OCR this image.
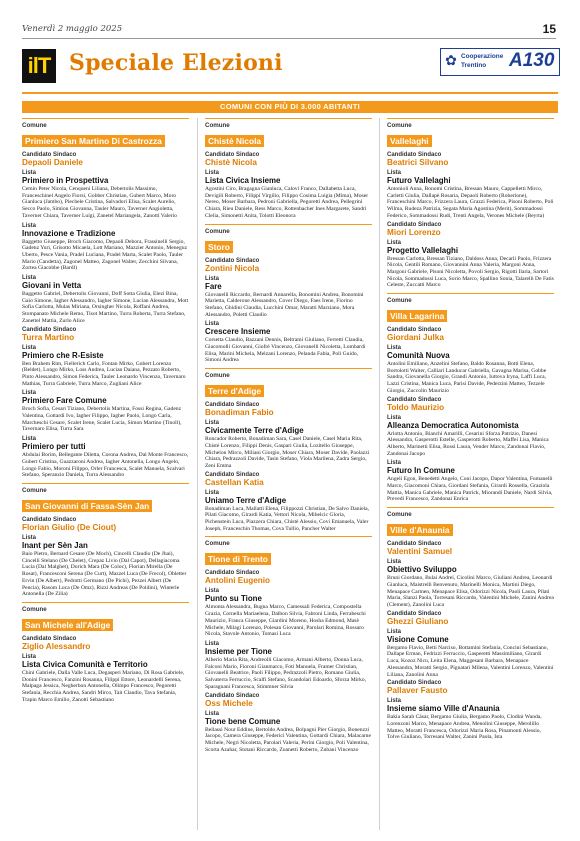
Venerdì 2 maggio 2025	15
ilT Speciale Elezioni	✿ Cooperazione
Trentino A130
COMUNI CON PIÙ DI 3.000 ABITANTI
Comune
Primiero San Martino Di Castrozza
Candidato Sindaco
Depaoli Daniele
Lista
Primiero in Prospettiva
Cemin Peter Nicola, Cenqueni Liliana, Debertolis Massimo, Franceschinel Angelo Fiorsi, Gobber Christian, Gubert Marco, Moro Gianluca (Jambo), Piechele Cristina, Salvadori Elisa, Scalet Aurelio, Secco Paolo, Simion Giovanna, Tauler Mauro, Taverner Angioletta, Taverner Chiara, Taverner Luigi, Zanetel Mariangela, Zanotti Valerio
Lista
Innovazione e Tradizione
Baggetto Giuseppe, Broch Giacomo, Depaoli Debora, Frassinelli Sergio, Gadenz Yuri, Grisotto Micaela, Lott Mariano, Mazzier Antonio, Meneguz Uberto, Pesce Vania, Pradel Luciana, Pradel Marta, Scalet Paolo, Tauler Mario (Candetta), Zagonel Matteo, Zagonel Walter, Zecchini Silvana, Zortea Giacobbe (Bardl)
Lista
Giovani in Vetta
Baggetto Gabriel, Debertolis Giovanni, Doff Sotta Giulia, Elezi Bina, Gaio Simone, Iagher Alessandro, Iagher Simone, Lucian Alessandra, Mott Sofia Carlotta, Mulas Miriana, Orsingher Nicola, Roffani Andrea, Stompanato Michele Remo, Tisot Martino, Turra Roberta, Turra Stefano, Zanettel Mattia, Zurlo Alice
Candidato Sindaco
Turra Martino
Lista
Primiero che R-Esiste
Ben Brahem Rim, Fiellerich Carlo, Fontan Mirko, Gubert Lorenzo (Beldet), Longo Mirko, Loss Andrea, Lucian Daiana, Pezzato Roberto, Pinto Alessandro, Simon Federica, Tauler Leonardo Vincenzo, Tavernaro Mathias, Turra Gabriele, Turra Marco, Zugliani Alice
Lista
Primiero Fare Comune
Broch Sofia, Cesari Tiziano, Debertolis Martina, Fossi Regina, Gadenz Valentina, Gottardi Ivo, Iagher Filippo, Iagher Paolo, Longo Carla, Marcheschi Cesare, Scalet Irene, Scalet Lucia, Simon Martino (Tinoll), Tavernaro Elisa, Turra Sara
Lista
Primiero per tutti
Abdulai Borim, Bellegante Diletta, Corona Andrea, Dal Monte Francesco, Gubert Cristina, Guazzaroni Andrea, Iagher Antonella, Longo Angelo, Longo Fabio, Moroni Filippo, Orler Francesca, Scalet Manuela, Scalvari Stefano, Speranzio Daniela, Turra Alessandro
Comune
San Giovanni di Fassa-Sèn Jan
Candidato Sindaco
Florian Giulio (De Ciout)
Lista
Inant per Sèn Jan
Baio Pietro, Bernard Cesare (De Moch), Cincelli Claudio (De Jhai), Cincelli Stelano (De Chelet), Crepaz Livio (Dal Capot), Dellagiacoma Lucia (Dal Malghet), Dorich Mara (De Coloc), Florian Mirella (De Rosat), Francesconi Serena (De Curt), Mazzel Luca (De Frecol), Obletter Ervin (De Albert), Pedrotti Germano (De Pichi), Pezzei Albert (De Pencia), Rasom Luca (De Omz), Rizzi Andreas (De Poldini), Winterle Antonella (De Zilia)
Comune
San Michele all'Adige
Candidato Sindaco
Ziglio Alessandro
Lista
Lista Civica Comunità e Territorio
Chini Gabriele, Dalla Valle Luca, Degasperi Mariano, Di Rosa Gabriele, Donini Francesco, Fanzini Rosanna, Filippi Ettore, Leonardelli Serena, Malpaga Jessica, Negherbon Antonella, Olimpo Francesco, Pegoretti Stefania, Recchia Andrea, Sandri Mirco, Tait Claudio, Tava Stefania, Trapin Marco Emilio, Zanotti Sebastiano
Comune
Chistè Nicola
Candidato Sindaco
Chistè Nicola
Lista
Lista Civica Insieme
Agostini Ciro, Bragagna Gianluca, Calovi Franco, Dallabetta Luca, Devigili Roberto, Filippi Virgilio, Filippo Cosima Luigia (Mima), Moser Nereo, Moser Barbara, Pedroni Gabriella, Pegoretti Andrea, Pellegrini Chiara, Rieu Daniele, Ress Marco, Rottenbacher Ines Margarete, Sandri Clelia, Simonetti Anita, Tolotti Eleonora
Comune
Storo
Candidato Sindaco
Zontini Nicola
Lista
Fare
Giovanelli Riccardo, Bernardi Annarella, Bonomini Andrea, Bonomini Marietta, Calderone Alessandro, Cover Diego, Faes Irene, Fiorino Stefano, Ghidini Claudia, Lucchini Omar, Maratti Marziano, Mora Alessandro, Poletti Claudio
Lista
Crescere Insieme
Corsetta Claudio, Bazzani Dennis, Beltrami Giuliano, Ferretti Claudia, Giacomolli Giovanni, Giofrè Vincenzo, Giovanelli Nicoletta, Lombardi Elisa, Marini Michela, Melzani Lorenzo, Pelanda Fabia, Poli Guido, Simoni Andrea
Comune
Terre d'Adige
Candidato Sindaco
Bonadiman Fabio
Lista
Civicamente Terre d'Adige
Roncador Roberto, Bonadiman Sara, Casel Daniele, Casel Maria Rita, Chistè Lorenzo, Filippi Denis, Gaspari Giulia, Lozitello Giuseppe, Michelon Mirco, Miliani Giorgio, Moser Chiara, Moser Davide, Paolazzi Chiara, Pedrazzoli Davide, Tasin Stefano, Viola Marilena, Zadra Sergio, Zeni Emma
Candidato Sindaco
Castellan Katia
Lista
Uniamo Terre d'Adige
Bonadiman Luca, Mallatti Elena, Filippozzi Christian, De Salvo Daniela, Pilati Giacomo, Girardi Katia, Vettori Nicola, Mihelcic Gloria, Pichenstein Luca, Piazzera Chiara, Chistè Alessio, Covi Emanuela, Valer Joseph, Franceschin Thomas, Cova Tullio, Pancher Walter
Comune
Tione di Trento
Candidato Sindaco
Antolini Eugenio
Lista
Punto su Tione
Almonta Alessandra, Bugna Marco, Camessali Federica, Compostella Grazia, Cornella Mariaelena, Dalbon Silvia, Fabroni Linda, Ferrabeschi Maurizio, Franca Giuseppe, Giardini Moreno, Hosha Edmond, Masè Michele, Milagi Lorenzo, Polesan Giovanni, Parolari Romina, Rossaro Nicola, Stavole Antonio, Tomasi Luca
Lista
Insieme per Tione
Alberio Maria Rita, Andreolli Giacomo, Armani Alberto, Donna Luca, Falconi Mario, Fioroni Gianmarco, Foti Manuela, Framer Christian, Giovanelli Beatrice, Paoli Filippo, Pedrazzoli Pietro, Romano Giulia, Salvaterra Ferruccio, Scalfi Stefano, Scandolari Edoardo, Sforza Mirko, Sparagnani Francesca, Stimmner Silvia
Candidato Sindaco
Oss Michele
Lista
Tione bene Comune
Bellassi Nour Eddine, Bertoldo Andrea, Bolpagni Pier Giorgio, Bonenzzi Jacopo, Camera Giuseppe, Federici Valentina, Gottardi Chiara, Malacarne Michele, Negri Nicoletta, Parolari Valeria, Perini Giorgio, Poli Valentina, Scorta Azahar, Stotani Riccardo, Zoanetti Roberto, Zubani Vincenzo
Comune
Vallelaghi
Candidato Sindaco
Beatrici Silvano
Lista
Futuro Vallelaghi
Antonioli Anna, Bonomi Cristina, Bressan Mauro, Cappelletti Mirco, Carletti Giulia, Dallapè Rosaria, Depaoli Roberto (Roberlone), Franceschini Marco, Frizzera Laura, Grazzi Federica, Pisoni Roberto, Poli Wilma, Rudeza Patrizia, Segata Maria Agostina (Merit), Sommadossi Federico, Sommadossi Rudi, Trenti Angela, Verones Michele (Beyrta)
Candidato Sindaco
Miori Lorenzo
Lista
Progetto Vallelaghi
Bressan Carlotta, Bressan Tiziano, Daldoss Anna, Decarli Paolo, Frizzera Nicola, Gentili Romano, Giovannini Anna Valeria, Margoni Anna, Margoni Gabriele, Pisoni Nicoletta, Povoli Sergio, Rigotti Ilaria, Sartori Nicola, Sommadossi Luca, Sorio Marco, Spallino Sonia, Talarelli De Fatis Celeste, Zuccatti Marco
Comune
Villa Lagarina
Candidato Sindaco
Giordani Julka
Lista
Comunità Nuova
Antolini Emiliano, Anzelini Stefano, Baldo Rosanna, Botti Elena, Bortolotti Walter, Calliari Landucar Gabriella, Gavagna Marisa, Gobbe Sandra, Giovanella Giorgio, Grandi Antonio, Iuttova Iryna, Laffi Luca, Lazzi Cristina, Manica Luca, Parisi Davide, Pederzini Matteo, Tezzele Giorgio, Zuccolin Maurizio
Candidato Sindaco
Toldo Maurizio
Lista
Alleanza Democratica Autonomista
Arlotta Antonio, Bianchi Amarilli, Cesarini Sforza Patrizio, Danesi Alessandra, Gasperotti Estelle, Gasperotti Roberto, Maffei Lisa, Manica Alberto, Marinetti Elisa, Rossi Laura, Vender Marco, Zandonai Flavio, Zandonai Jacopo
Lista
Futuro In Comune
Angeli Egon, Benedetti Angelo, Coni Jacopo, Dapor Valentina, Fumanelli Marco, Giacomoni Chiara, Giordani Stefania, Girardi Rossella, Graziola Mattia, Manica Gabriele, Manica Patrick, Miorandi Daniele, Nardi Silvia, Prevedi Francesco, Zandonai Enrica
Comune
Ville d'Anaunia
Candidato Sindaco
Valentini Samuel
Lista
Obiettivo Sviluppo
Bruni Giordano, Bulai Andrei, Cicolini Marco, Giuliani Andrea, Leonardi Gianluca, Maistrelli Benvenuto, Marinelli Monica, Martini Diego, Menapace Carmen, Menapace Elisa, Odorizzi Nicola, Paoli Laura, Pilati Maria, Slanzi Paola, Torresani Riccardo, Valentini Michele, Zanini Andrea (Clement), Zanolini Luca
Candidato Sindaco
Ghezzi Giuliano
Lista
Visione Comune
Bergamo Flavio, Betti Narciso, Bottamini Stefania, Concini Sebastiano, Dallape Erman, Fedrizzi Ferruccio, Gasperetti Massimiliano, Girardi Luca, Kozoz Nicu, Leita Elena, Maggesani Barbara, Menapace Alessandra, Moratti Sergio, Pignatari Milena, Valentini Lorenzo, Valentini Liliana, Zanolini Anna
Candidato Sindaco
Pallaver Fausto
Lista
Insieme siamo Ville d'Anaunia
Bakia Sarah Cäsar, Bergamo Giulia, Bergamo Paolo, Clodini Wanda, Lorenzoni Marco, Menapace Andrea, Menolini Giuseppe, Merolillo Matteo, Moratti Francesca, Odorizzi Maria Rosa, Pinamonti Alessio, Tolve Giuliano, Torresani Walter, Zanini Paola, Ista
